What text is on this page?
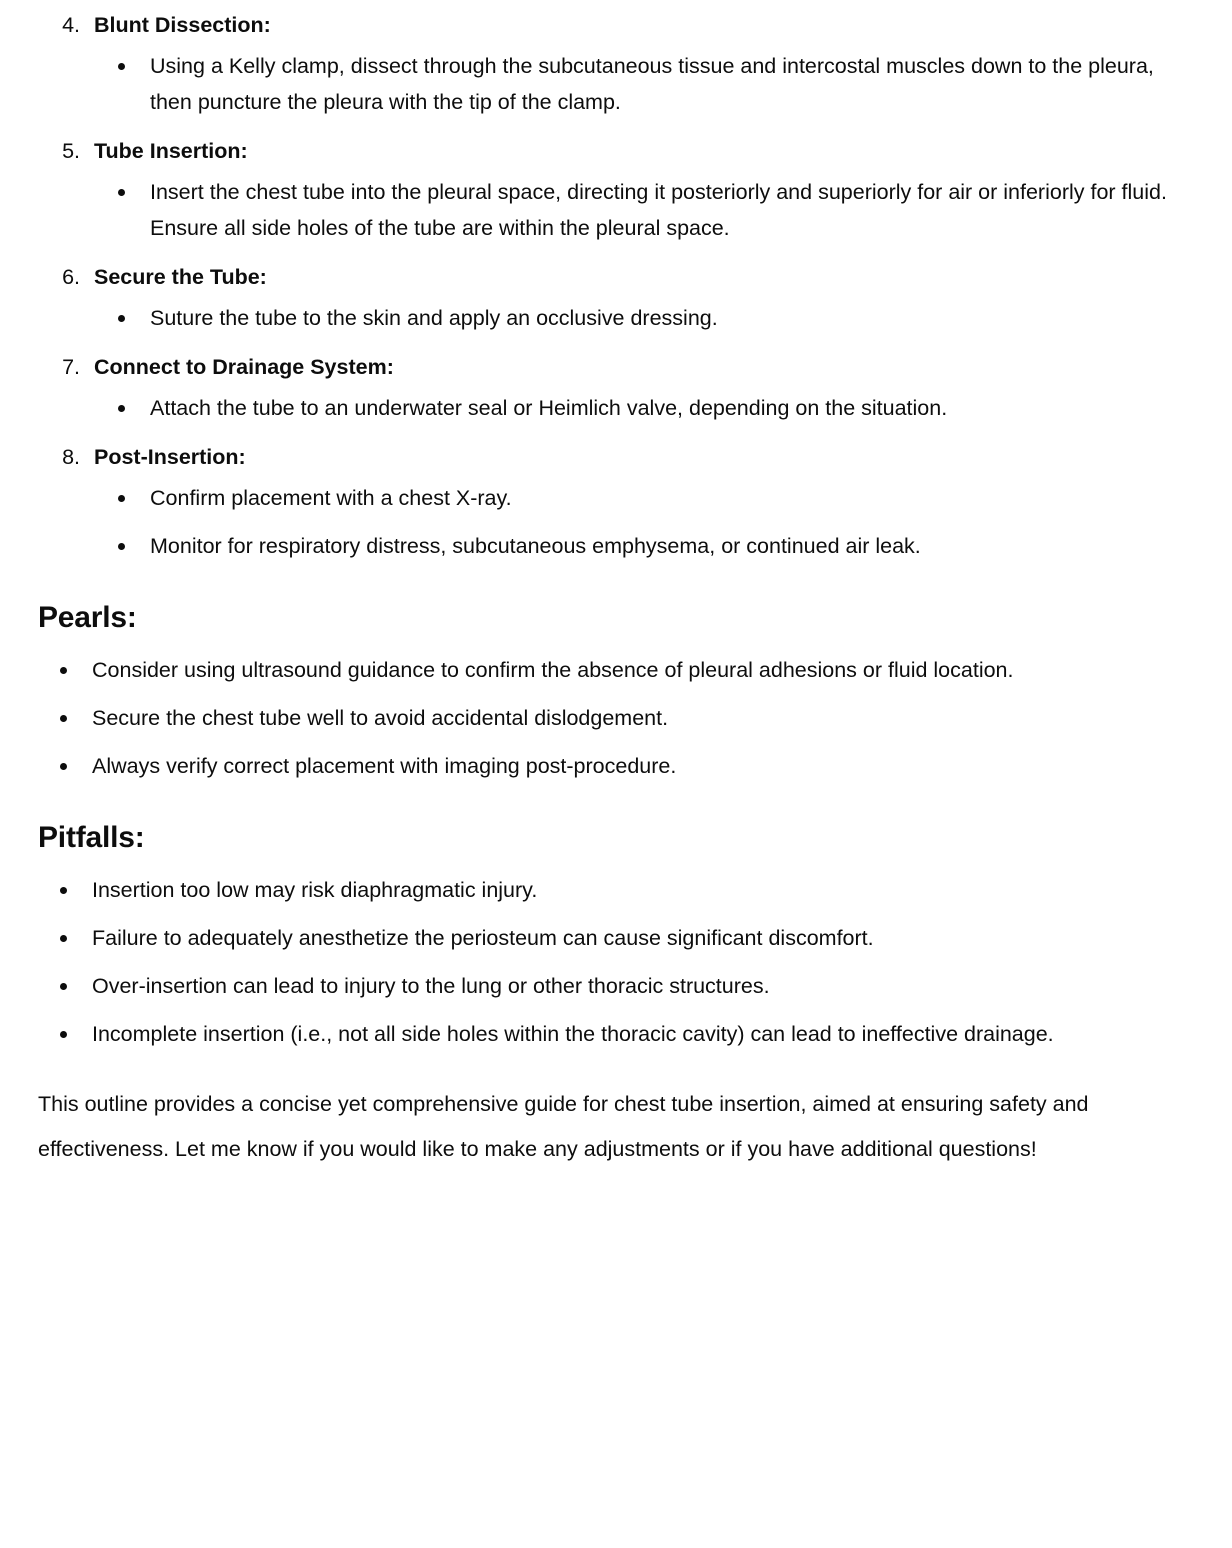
4. Blunt Dissection:
Using a Kelly clamp, dissect through the subcutaneous tissue and intercostal muscles down to the pleura, then puncture the pleura with the tip of the clamp.
5. Tube Insertion:
Insert the chest tube into the pleural space, directing it posteriorly and superiorly for air or inferiorly for fluid. Ensure all side holes of the tube are within the pleural space.
6. Secure the Tube:
Suture the tube to the skin and apply an occlusive dressing.
7. Connect to Drainage System:
Attach the tube to an underwater seal or Heimlich valve, depending on the situation.
8. Post-Insertion:
Confirm placement with a chest X-ray.
Monitor for respiratory distress, subcutaneous emphysema, or continued air leak.
Pearls:
Consider using ultrasound guidance to confirm the absence of pleural adhesions or fluid location.
Secure the chest tube well to avoid accidental dislodgement.
Always verify correct placement with imaging post-procedure.
Pitfalls:
Insertion too low may risk diaphragmatic injury.
Failure to adequately anesthetize the periosteum can cause significant discomfort.
Over-insertion can lead to injury to the lung or other thoracic structures.
Incomplete insertion (i.e., not all side holes within the thoracic cavity) can lead to ineffective drainage.

This outline provides a concise yet comprehensive guide for chest tube insertion, aimed at ensuring safety and effectiveness. Let me know if you would like to make any adjustments or if you have additional questions!
